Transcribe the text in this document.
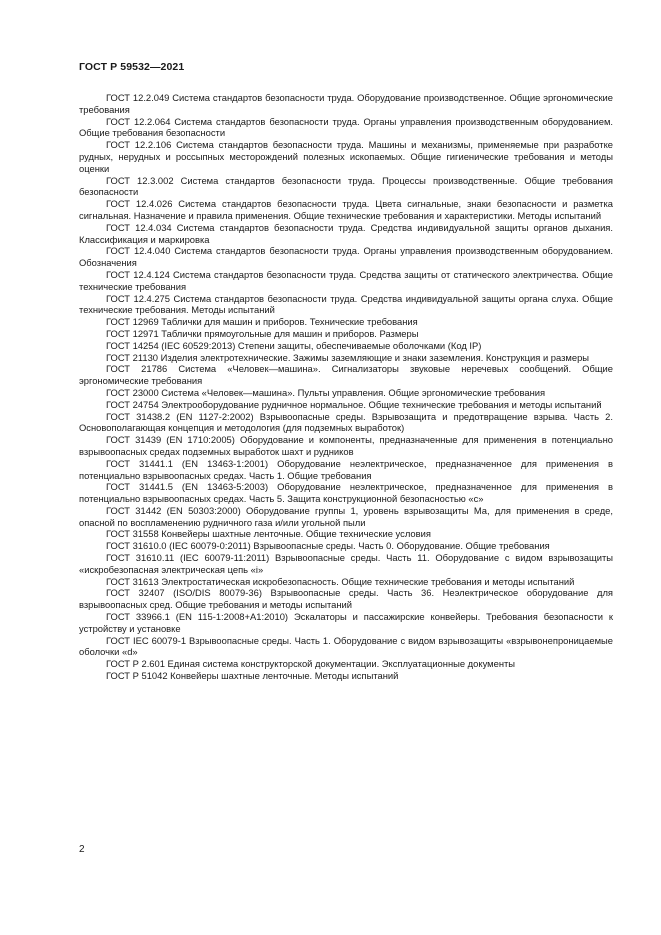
ГОСТ Р 59532—2021

ГОСТ 12.2.049 Система стандартов безопасности труда. Оборудование производственное. Общие эргономические требования

ГОСТ 12.2.064 Система стандартов безопасности труда. Органы управления производственным оборудованием. Общие требования безопасности

ГОСТ 12.2.106 Система стандартов безопасности труда. Машины и механизмы, применяемые при разработке рудных, нерудных и россыпных месторождений полезных ископаемых. Общие гигиенические требования и методы оценки

ГОСТ 12.3.002 Система стандартов безопасности труда. Процессы производственные. Общие требования безопасности

ГОСТ 12.4.026 Система стандартов безопасности труда. Цвета сигнальные, знаки безопасности и разметка сигнальная. Назначение и правила применения. Общие технические требования и характеристики. Методы испытаний

ГОСТ 12.4.034 Система стандартов безопасности труда. Средства индивидуальной защиты органов дыхания. Классификация и маркировка

ГОСТ 12.4.040 Система стандартов безопасности труда. Органы управления производственным оборудованием. Обозначения

ГОСТ 12.4.124 Система стандартов безопасности труда. Средства защиты от статического электричества. Общие технические требования

ГОСТ 12.4.275 Система стандартов безопасности труда. Средства индивидуальной защиты органа слуха. Общие технические требования. Методы испытаний

ГОСТ 12969 Таблички для машин и приборов. Технические требования

ГОСТ 12971 Таблички прямоугольные для машин и приборов. Размеры

ГОСТ 14254 (IEC 60529:2013) Степени защиты, обеспечиваемые оболочками (Код IP)

ГОСТ 21130 Изделия электротехнические. Зажимы заземляющие и знаки заземления. Конструкция и размеры

ГОСТ 21786 Система «Человек—машина». Сигнализаторы звуковые неречевых сообщений. Общие эргономические требования

ГОСТ 23000 Система «Человек—машина». Пульты управления. Общие эргономические требования

ГОСТ 24754 Электрооборудование рудничное нормальное. Общие технические требования и методы испытаний

ГОСТ 31438.2 (EN 1127-2:2002) Взрывоопасные среды. Взрывозащита и предотвращение взрыва. Часть 2. Основополагающая концепция и методология (для подземных выработок)

ГОСТ 31439 (EN 1710:2005) Оборудование и компоненты, предназначенные для применения в потенциально взрывоопасных средах подземных выработок шахт и рудников

ГОСТ 31441.1 (EN 13463-1:2001) Оборудование неэлектрическое, предназначенное для применения в потенциально взрывоопасных средах. Часть 1. Общие требования

ГОСТ 31441.5 (EN 13463-5:2003) Оборудование неэлектрическое, предназначенное для применения в потенциально взрывоопасных средах. Часть 5. Защита конструкционной безопасностью «с»

ГОСТ 31442 (EN 50303:2000) Оборудование группы 1, уровень взрывозащиты Ма, для применения в среде, опасной по воспламенению рудничного газа и/или угольной пыли

ГОСТ 31558 Конвейеры шахтные ленточные. Общие технические условия

ГОСТ 31610.0 (IEC 60079-0:2011) Взрывоопасные среды. Часть 0. Оборудование. Общие требования

ГОСТ 31610.11 (IEC 60079-11:2011) Взрывоопасные среды. Часть 11. Оборудование с видом взрывозащиты «искробезопасная электрическая цепь «i»

ГОСТ 31613 Электростатическая искробезопасность. Общие технические требования и методы испытаний

ГОСТ 32407 (ISO/DIS 80079-36) Взрывоопасные среды. Часть 36. Неэлектрическое оборудование для взрывоопасных сред. Общие требования и методы испытаний

ГОСТ 33966.1 (EN 115-1:2008+A1:2010) Эскалаторы и пассажирские конвейеры. Требования безопасности к устройству и установке

ГОСТ IEC 60079-1 Взрывоопасные среды. Часть 1. Оборудование с видом взрывозащиты «взрывонепроницаемые оболочки «d»

ГОСТ Р 2.601 Единая система конструкторской документации. Эксплуатационные документы

ГОСТ Р 51042 Конвейеры шахтные ленточные. Методы испытаний

2
